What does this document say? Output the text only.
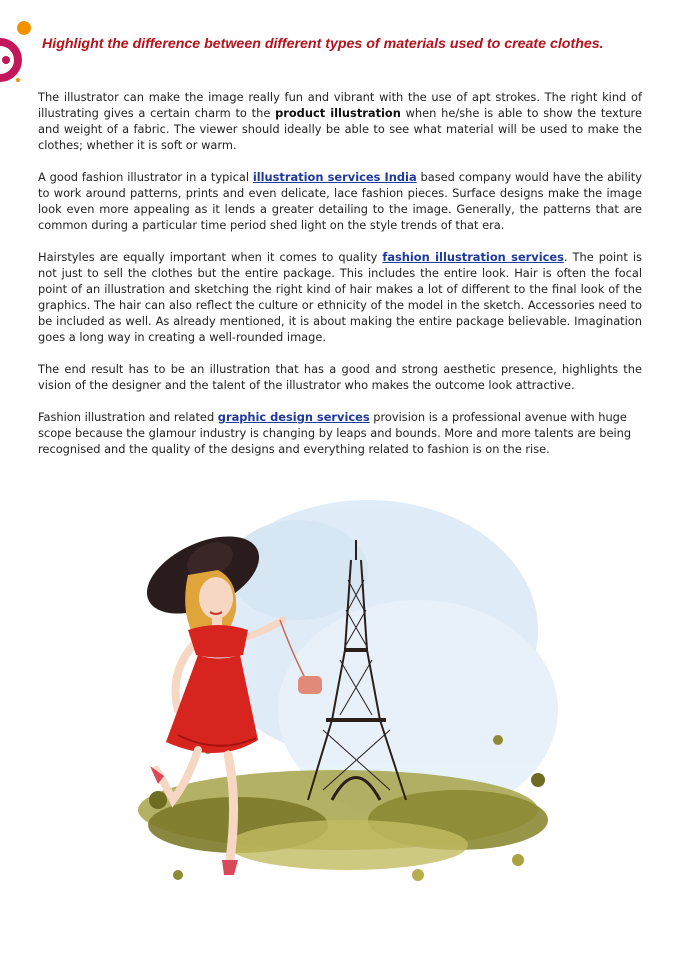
Highlight the difference between different types of materials used to create clothes.

The illustrator can make the image really fun and vibrant with the use of apt strokes. The right kind of illustrating gives a certain charm to the product illustration when he/she is able to show the texture and weight of a fabric. The viewer should ideally be able to see what material will be used to make the clothes; whether it is soft or warm.

A good fashion illustrator in a typical illustration services India based company would have the ability to work around patterns, prints and even delicate, lace fashion pieces. Surface designs make the image look even more appealing as it lends a greater detailing to the image. Generally, the patterns that are common during a particular time period shed light on the style trends of that era.

Hairstyles are equally important when it comes to quality fashion illustration services. The point is not just to sell the clothes but the entire package. This includes the entire look. Hair is often the focal point of an illustration and sketching the right kind of hair makes a lot of different to the final look of the graphics. The hair can also reflect the culture or ethnicity of the model in the sketch. Accessories need to be included as well. As already mentioned, it is about making the entire package believable. Imagination goes a long way in creating a well-rounded image.

The end result has to be an illustration that has a good and strong aesthetic presence, highlights the vision of the designer and the talent of the illustrator who makes the outcome look attractive.

Fashion illustration and related graphic design services provision is a professional avenue with huge scope because the glamour industry is changing by leaps and bounds. More and more talents are being recognised and the quality of the designs and everything related to fashion is on the rise.
